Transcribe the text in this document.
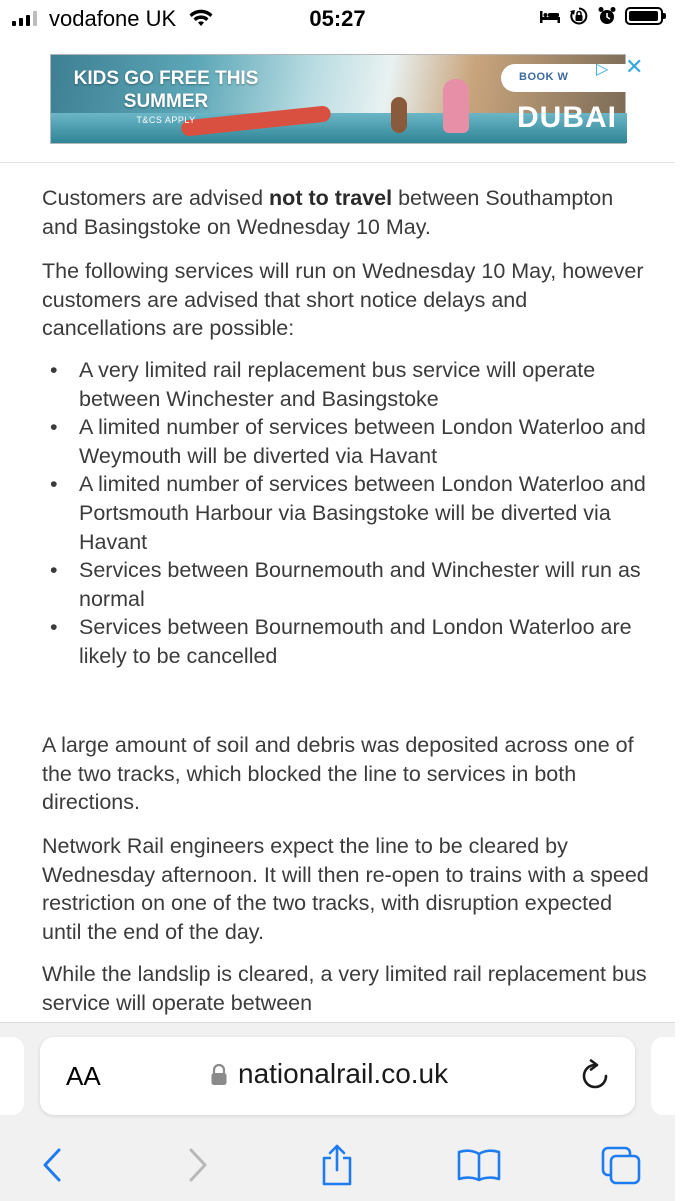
vodafone UK	05:27
KIDS GO FREE THIS
SUMMER
T&CS APPLY
BOOK W ▷ ✕
DUBAI

Customers are advised not to travel between Southampton and Basingstoke on Wednesday 10 May.

The following services will run on Wednesday 10 May, however customers are advised that short notice delays and cancellations are possible:

• A very limited rail replacement bus service will operate between Winchester and Basingstoke
• A limited number of services between London Waterloo and Weymouth will be diverted via Havant
• A limited number of services between London Waterloo and Portsmouth Harbour via Basingstoke will be diverted via Havant
• Services between Bournemouth and Winchester will run as normal
• Services between Bournemouth and London Waterloo are likely to be cancelled

A large amount of soil and debris was deposited across one of the two tracks, which blocked the line to services in both directions.

Network Rail engineers expect the line to be cleared by Wednesday afternoon. It will then re-open to trains with a speed restriction on one of the two tracks, with disruption expected until the end of the day.

While the landslip is cleared, a very limited rail replacement bus service will operate between

AA	nationalrail.co.uk
